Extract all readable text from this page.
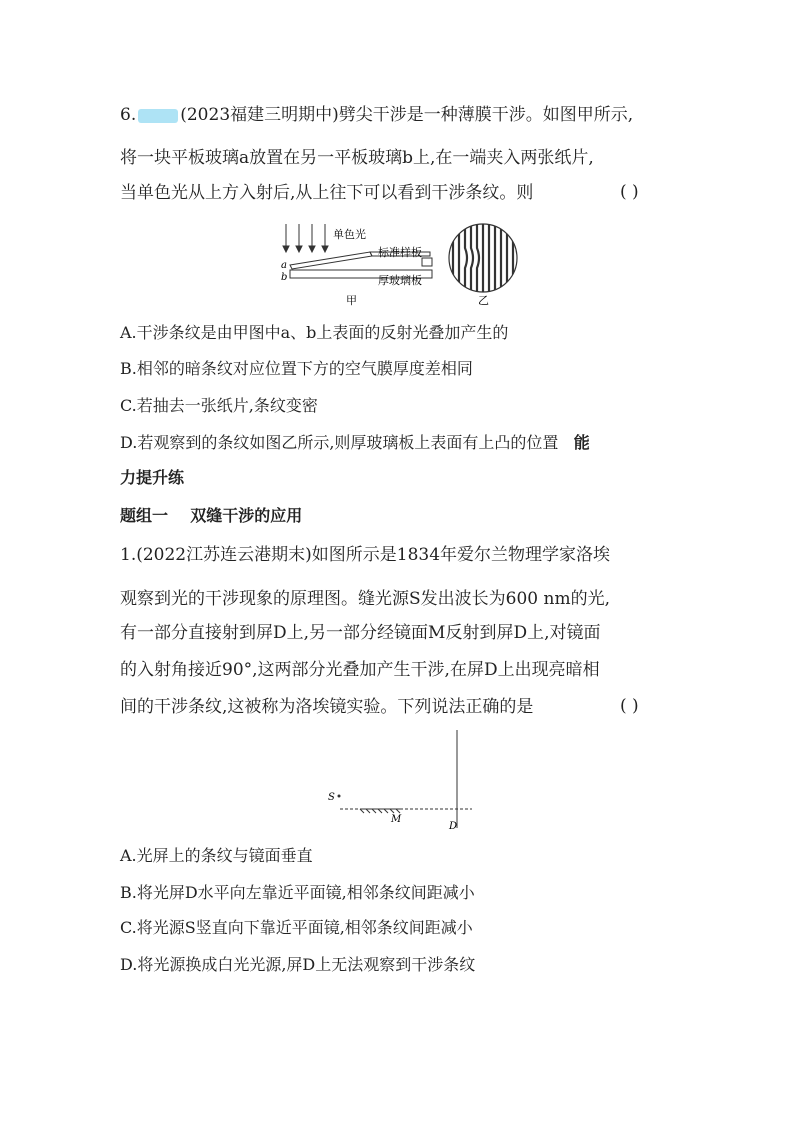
6.	(2023福建三明期中)劈尖干涉是一种薄膜干涉。如图甲所示,
将一块平板玻璃a放置在另一平板玻璃b上,在一端夹入两张纸片,
当单色光从上方入射后,从上往下可以看到干涉条纹。则	( )
单色光
a
b
标准样板
厚玻璃板
甲	乙
A.干涉条纹是由甲图中a、b上表面的反射光叠加产生的
B.相邻的暗条纹对应位置下方的空气膜厚度差相同
C.若抽去一张纸片,条纹变密
D.若观察到的条纹如图乙所示,则厚玻璃板上表面有上凸的位置 能
力提升练
题组一    双缝干涉的应用
1.(2022江苏连云港期末)如图所示是1834年爱尔兰物理学家洛埃
观察到光的干涉现象的原理图。缝光源S发出波长为600 nm的光,
有一部分直接射到屏D上,另一部分经镜面M反射到屏D上,对镜面
的入射角接近90°,这两部分光叠加产生干涉,在屏D上出现亮暗相
间的干涉条纹,这被称为洛埃镜实验。下列说法正确的是	( )
S
M
D
A.光屏上的条纹与镜面垂直
B.将光屏D水平向左靠近平面镜,相邻条纹间距减小
C.将光源S竖直向下靠近平面镜,相邻条纹间距减小
D.将光源换成白光光源,屏D上无法观察到干涉条纹
